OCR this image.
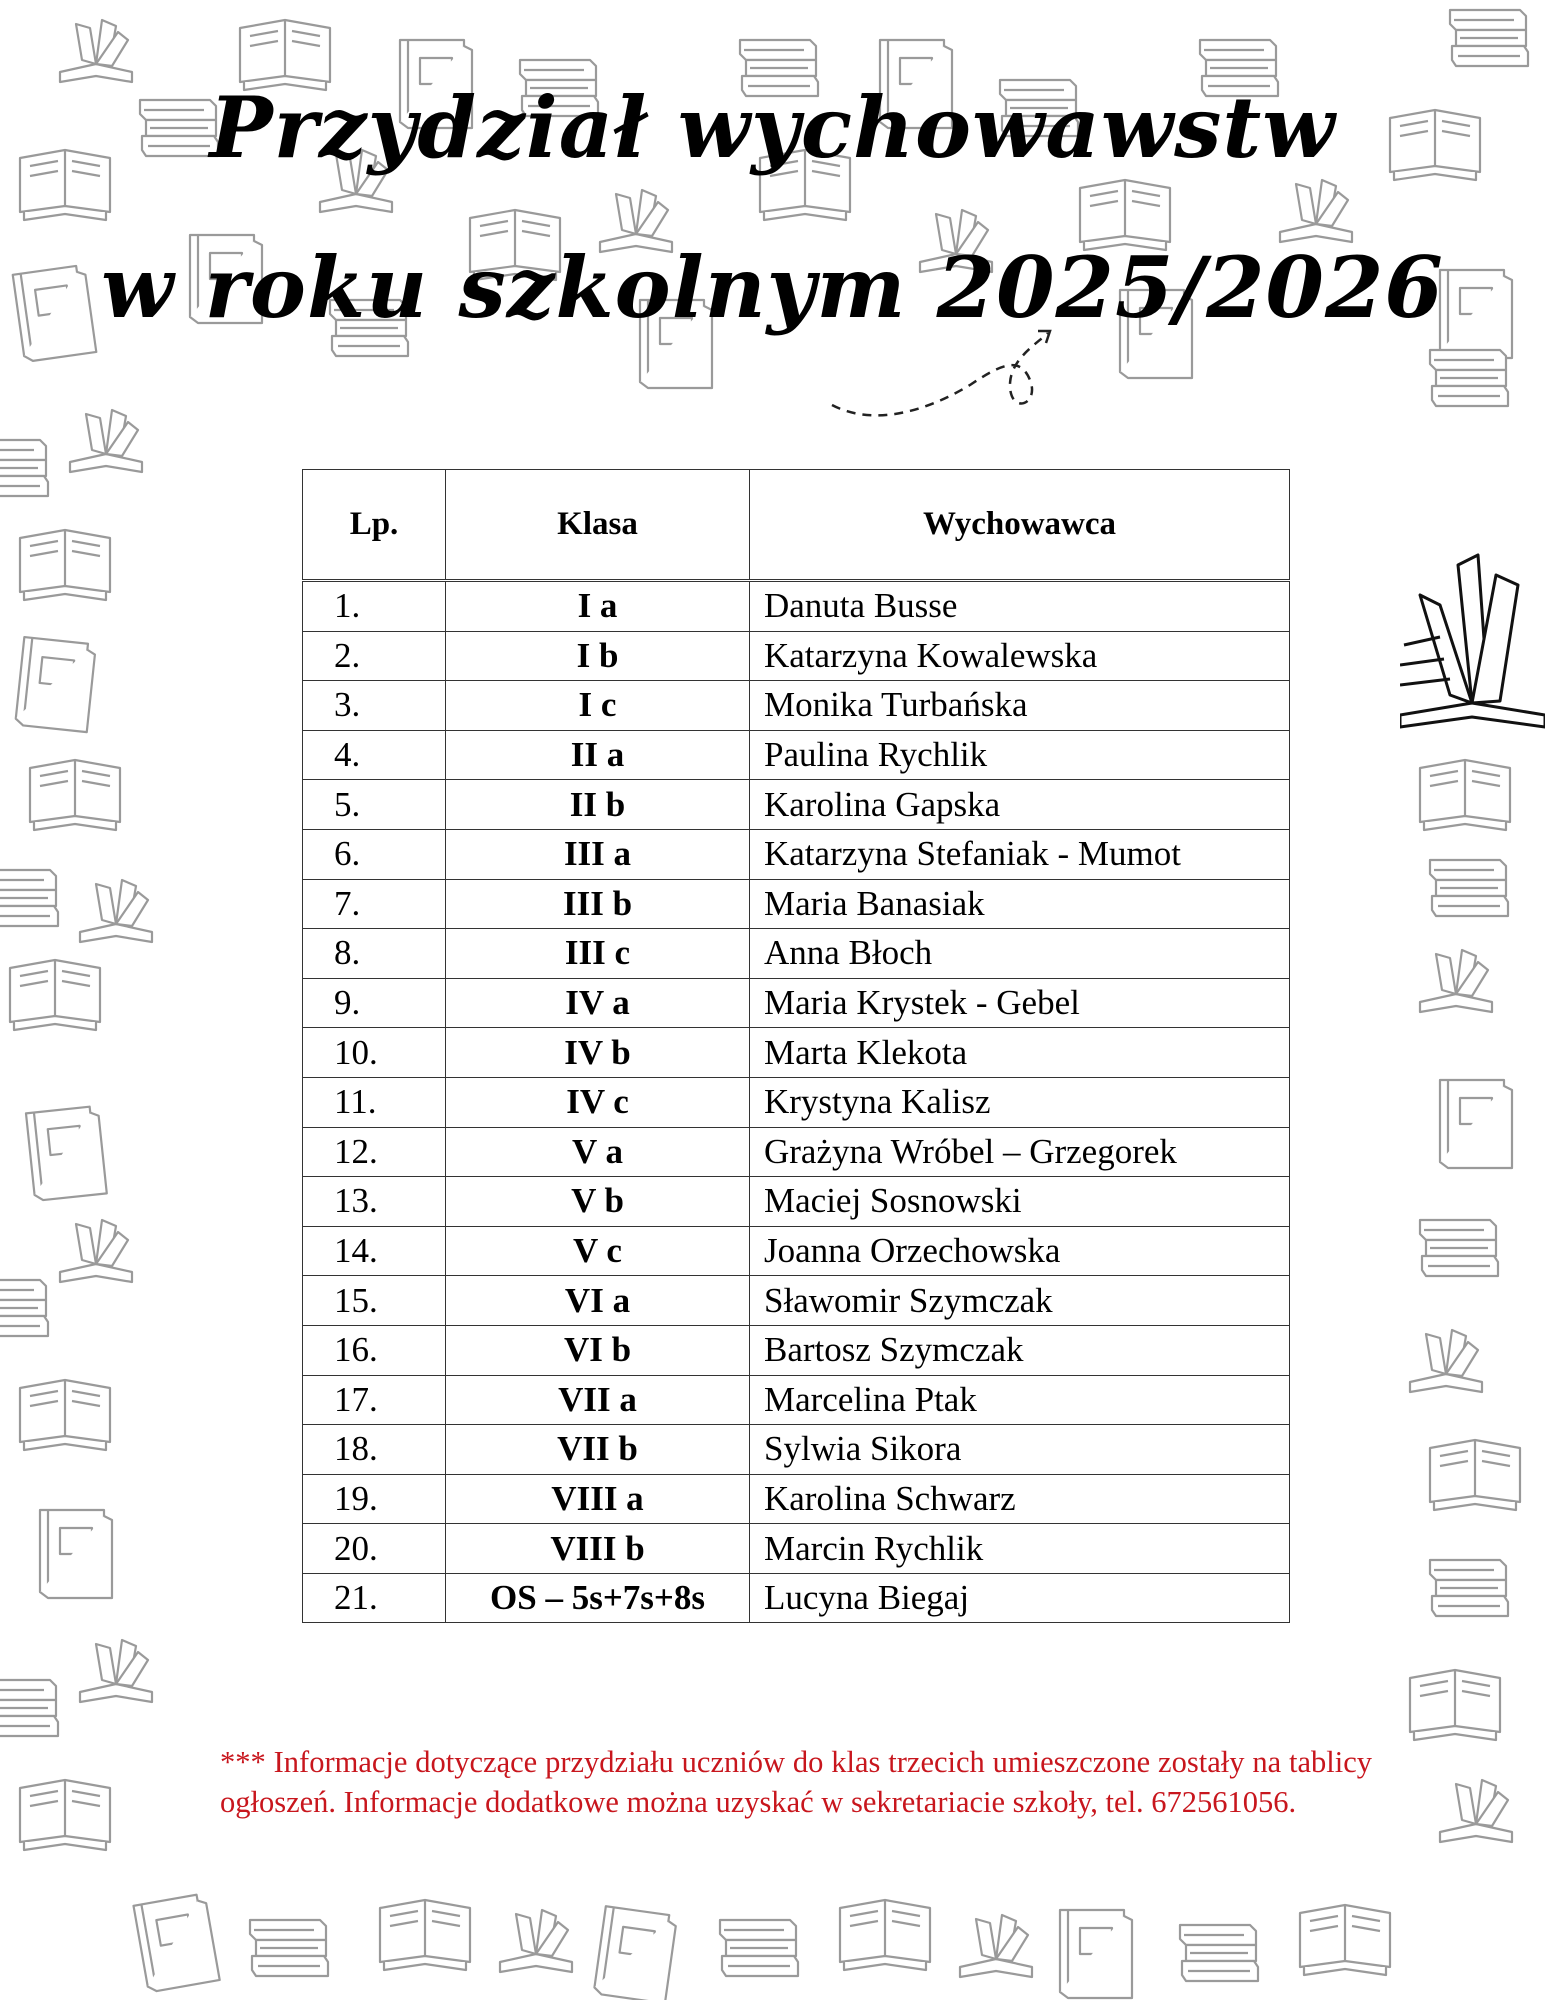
Przydział wychowawstw
w roku szkolnym 2025/2026
Lp.	Klasa	Wychowawca
1.	I a	Danuta Busse
2.	I b	Katarzyna Kowalewska
3.	I c	Monika Turbańska
4.	II a	Paulina Rychlik
5.	II b	Karolina Gapska
6.	III a	Katarzyna Stefaniak - Mumot
7.	III b	Maria Banasiak
8.	III c	Anna Błoch
9.	IV a	Maria Krystek - Gebel
10.	IV b	Marta Klekota
11.	IV c	Krystyna Kalisz
12.	V a	Grażyna Wróbel – Grzegorek
13.	V b	Maciej Sosnowski
14.	V c	Joanna Orzechowska
15.	VI a	Sławomir Szymczak
16.	VI b	Bartosz Szymczak
17.	VII a	Marcelina Ptak
18.	VII b	Sylwia Sikora
19.	VIII a	Karolina Schwarz
20.	VIII b	Marcin Rychlik
21.	OS – 5s+7s+8s	Lucyna Biegaj
*** Informacje dotyczące przydziału uczniów do klas trzecich umieszczone zostały na tablicy ogłoszeń. Informacje dodatkowe można uzyskać w sekretariacie szkoły, tel. 672561056.
